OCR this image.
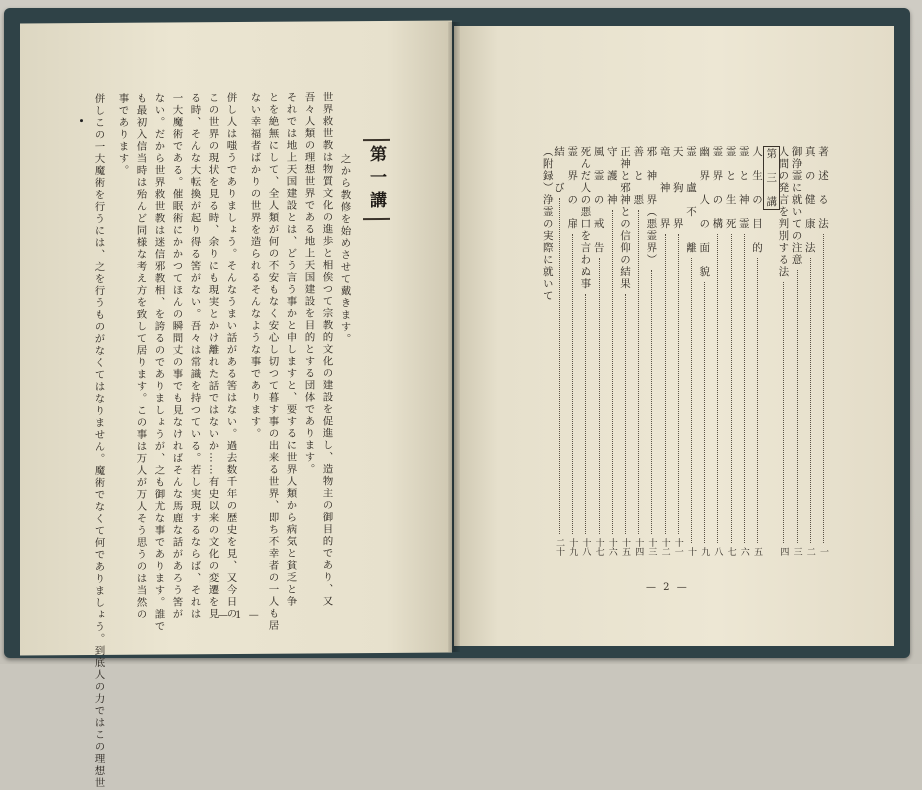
第一講
之から教修を始めさせて戴きます。
世界救世教は物質文化の進歩と相俟つて宗教的文化の建設を促進し、造物主の御目的であり、又
吾々人類の理想世界である地上天国建設を目的とする団体であります。
それでは地上天国建設とは、どう言う事かと申しますと、要するに世界人類から病気と貧乏と争
とを絶無にして、全人類が何の不安もなく安心し切つて暮す事の出来る世界、即ち不幸者の一人も居
ない幸福者ばかりの世界を造られるそんなような事であります。
併し人は嗤うでありましょう。そんなうまい話がある筈はない。過去数千年の歴史を見、又今日の
この世界の現状を見る時、余りにも現実とかけ離れた話ではないか……有史以来の文化の変遷を見
る時、そんな大転換が起り得る筈がない。吾々は常識を持つている。若し実現するならば、それは
一大魔術である。催眠術にかかつてほんの瞬間丈の事でも見なければそんな馬鹿な話があろう筈が
ない。だから世界救世教は迷信邪教相、を誇るのでありましょうが、之も御尤な事であります。誰で
も最初入信当時は殆んど同様な考え方を致して居ります。この事は万人が万人そう思うのは当然の
事であります。
併しこの一大魔術を行うには、之を行うものがなくてはなりません。魔術でなくて何でありましょう。到底人の力ではこの理想世	— 1 —
著　述　る　法
一
真　の　健　康　法
二
御浄霊に就いての注意
三
人間の発言を判別する法
四
第　三　講
人　生　の　目　的
五
霊　と　神　霊
六
霊　と　生　死
七
霊　界　の　構
八
幽　界　人　の　面　貌
九
霊　　盧　不　　離
十
天　　狗　　界
十一
竜　　神　　界
十二
邪　神　界（悪霊界）
十三
善　と　悪
十四
正神と邪神との信仰の結果
十五
守　護　神
十六
風　霊　の　戒　告
十七
死んだ人の悪口を言わぬ事
十八
霊　界　の　扉
十九
結　　び
二十
（附録）浄霊の実際に就いて
— 2 —
